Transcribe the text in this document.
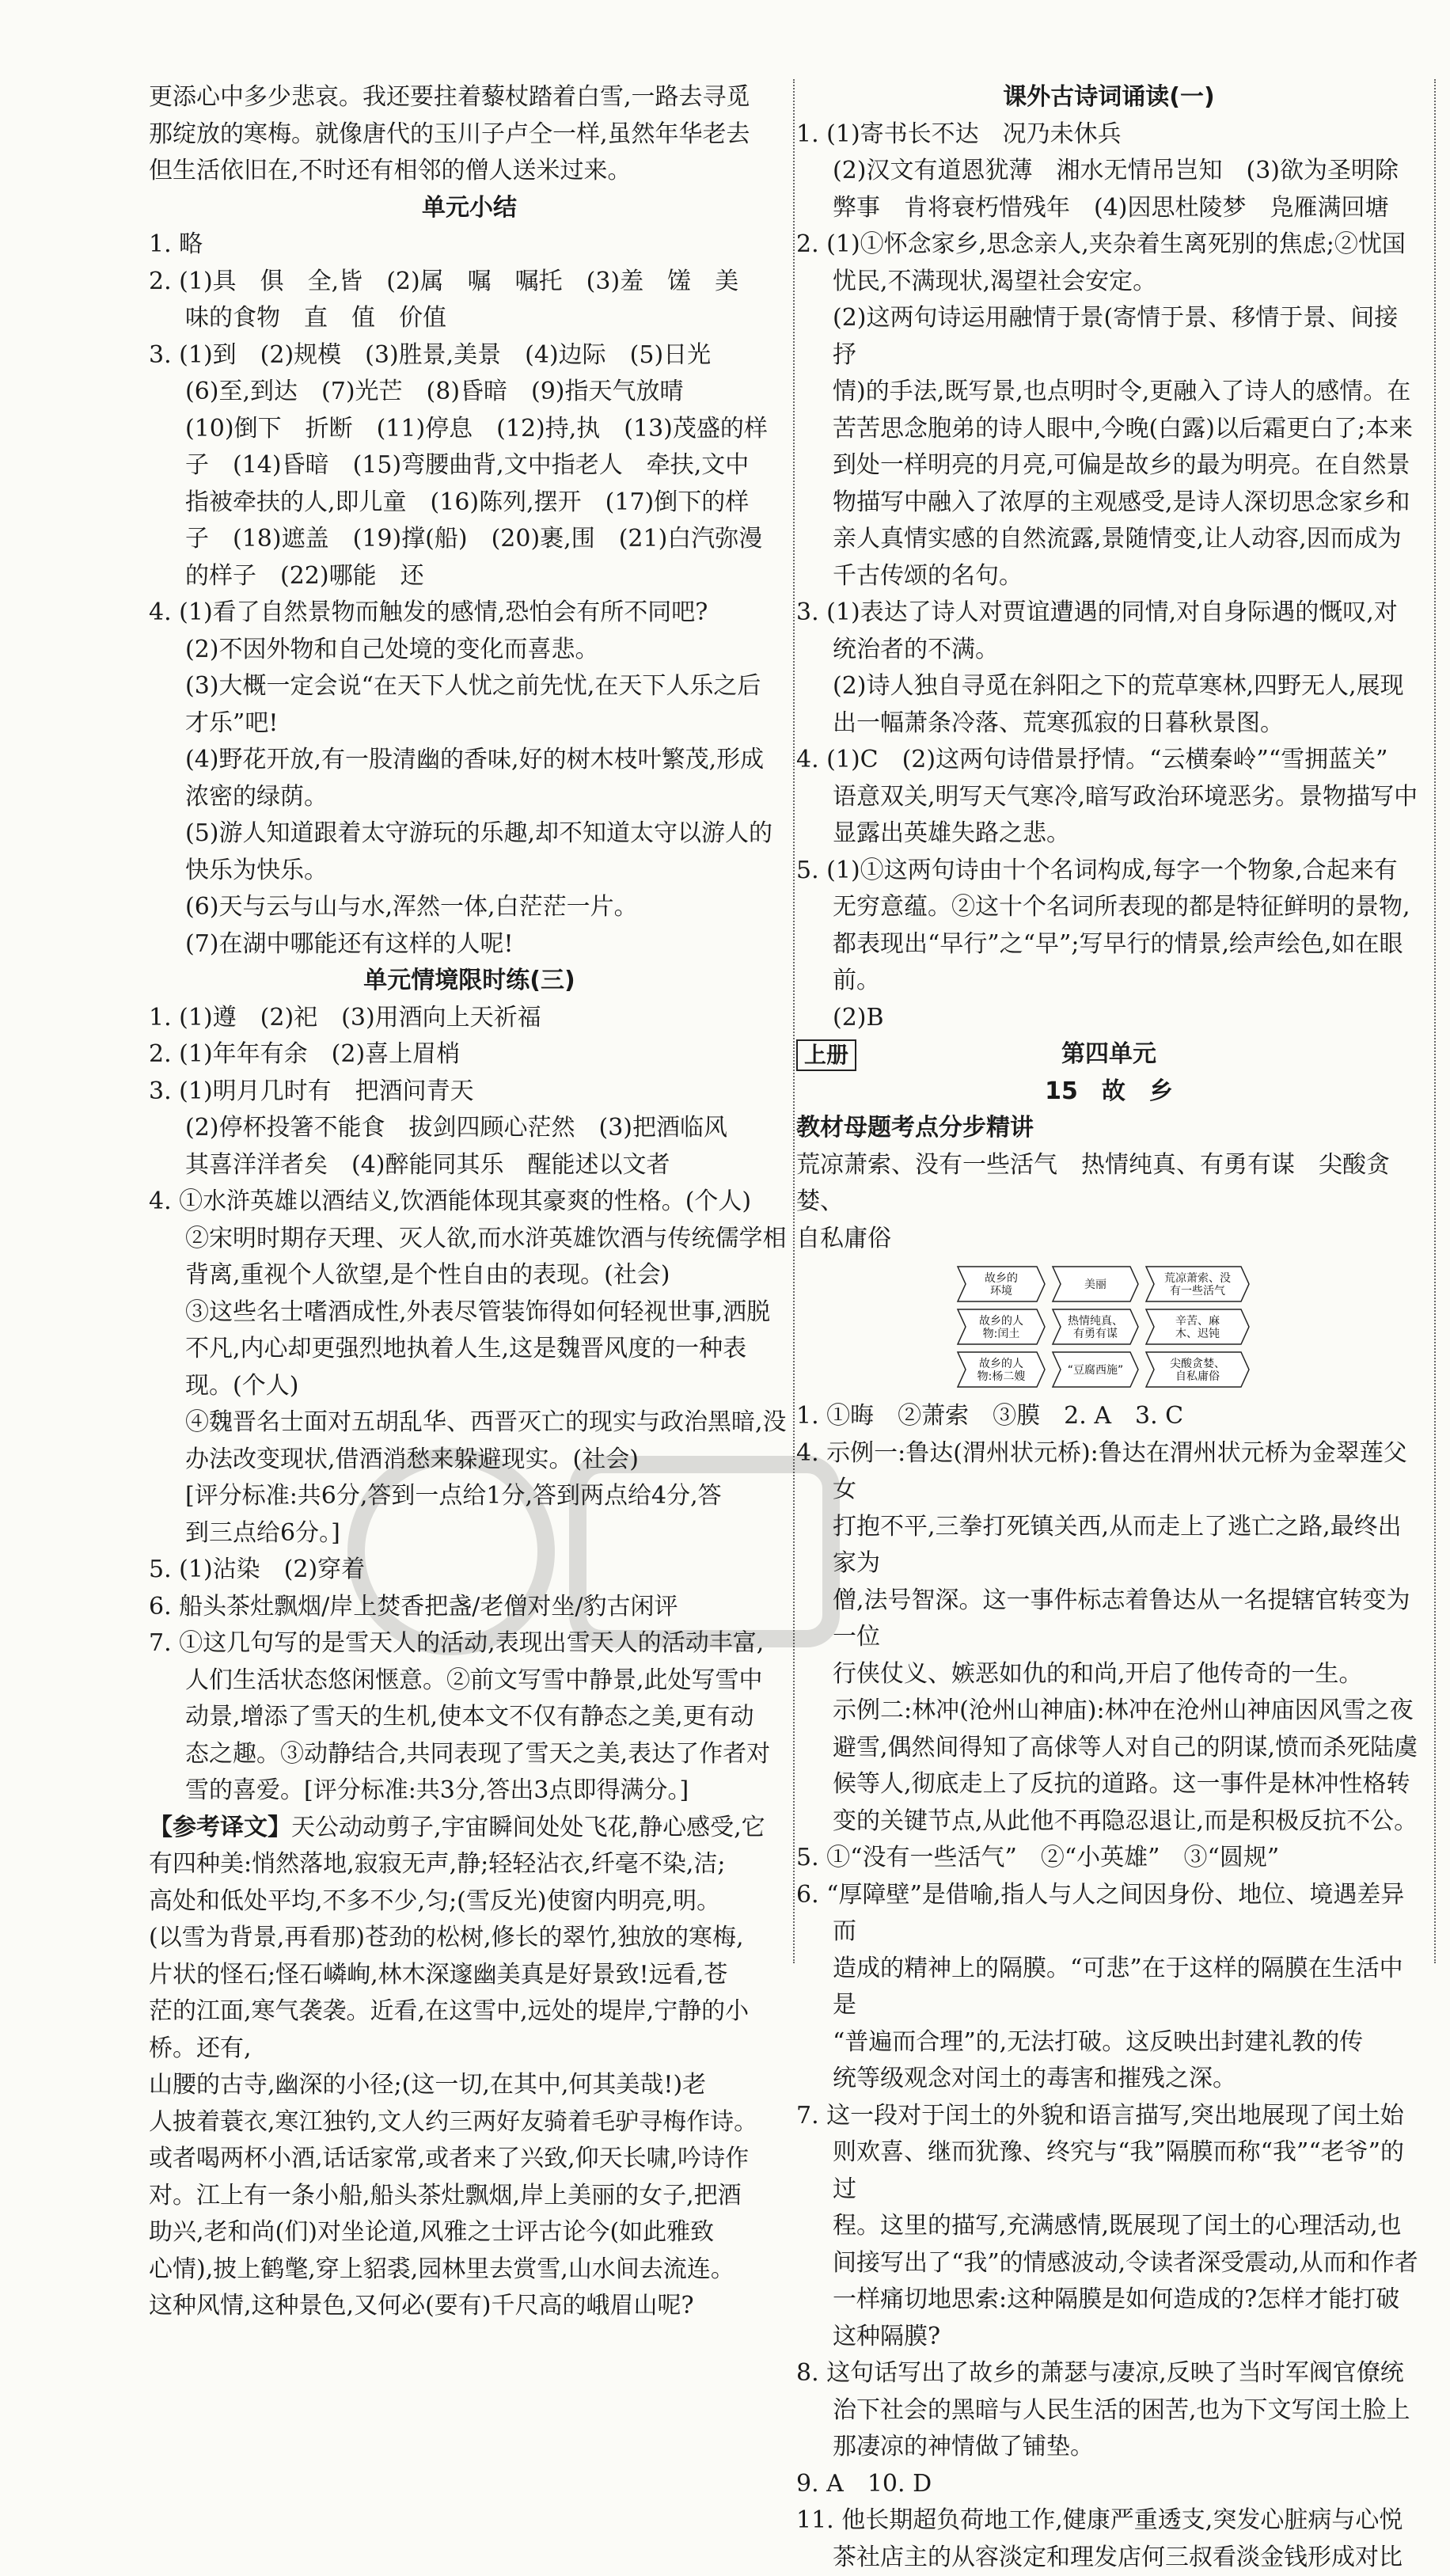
更添心中多少悲哀。我还要拄着藜杖踏着白雪,一路去寻觅
那绽放的寒梅。就像唐代的玉川子卢仝一样,虽然年华老去
但生活依旧在,不时还有相邻的僧人送米过来。
单元小结
1. 略
2. (1)具　俱　全,皆　(2)属　嘱　嘱托　(3)羞　馐　美
味的食物　直　值　价值
3. (1)到　(2)规模　(3)胜景,美景　(4)边际　(5)日光
(6)至,到达　(7)光芒　(8)昏暗　(9)指天气放晴
(10)倒下　折断　(11)停息　(12)持,执　(13)茂盛的样
子　(14)昏暗　(15)弯腰曲背,文中指老人　牵扶,文中
指被牵扶的人,即儿童　(16)陈列,摆开　(17)倒下的样
子　(18)遮盖　(19)撑(船)　(20)裹,围　(21)白汽弥漫
的样子　(22)哪能　还
4. (1)看了自然景物而触发的感情,恐怕会有所不同吧?
(2)不因外物和自己处境的变化而喜悲。
(3)大概一定会说“在天下人忧之前先忧,在天下人乐之后
才乐”吧!
(4)野花开放,有一股清幽的香味,好的树木枝叶繁茂,形成
浓密的绿荫。
(5)游人知道跟着太守游玩的乐趣,却不知道太守以游人的
快乐为快乐。
(6)天与云与山与水,浑然一体,白茫茫一片。
(7)在湖中哪能还有这样的人呢!
单元情境限时练(三)
1. (1)遵　(2)祀　(3)用酒向上天祈福
2. (1)年年有余　(2)喜上眉梢
3. (1)明月几时有　把酒问青天
(2)停杯投箸不能食　拔剑四顾心茫然　(3)把酒临风
其喜洋洋者矣　(4)醉能同其乐　醒能述以文者
4. ①水浒英雄以酒结义,饮酒能体现其豪爽的性格。(个人)
②宋明时期存天理、灭人欲,而水浒英雄饮酒与传统儒学相
背离,重视个人欲望,是个性自由的表现。(社会)
③这些名士嗜酒成性,外表尽管装饰得如何轻视世事,洒脱
不凡,内心却更强烈地执着人生,这是魏晋风度的一种表
现。(个人)
④魏晋名士面对五胡乱华、西晋灭亡的现实与政治黑暗,没
办法改变现状,借酒消愁来躲避现实。(社会)
[评分标准:共6分,答到一点给1分,答到两点给4分,答
到三点给6分。]
5. (1)沾染　(2)穿着
6. 船头茶灶飘烟/岸上焚香把盏/老僧对坐/豹古闲评
7. ①这几句写的是雪天人的活动,表现出雪天人的活动丰富,
人们生活状态悠闲惬意。②前文写雪中静景,此处写雪中
动景,增添了雪天的生机,使本文不仅有静态之美,更有动
态之趣。③动静结合,共同表现了雪天之美,表达了作者对
雪的喜爱。[评分标准:共3分,答出3点即得满分。]
【参考译文】天公动动剪子,宇宙瞬间处处飞花,静心感受,它
有四种美:悄然落地,寂寂无声,静;轻轻沾衣,纤毫不染,洁;
高处和低处平均,不多不少,匀;(雪反光)使窗内明亮,明。
(以雪为背景,再看那)苍劲的松树,修长的翠竹,独放的寒梅,
片状的怪石;怪石嶙峋,林木深邃幽美真是好景致!远看,苍
茫的江面,寒气袭袭。近看,在这雪中,远处的堤岸,宁静的小桥。还有,
山腰的古寺,幽深的小径;(这一切,在其中,何其美哉!)老
人披着蓑衣,寒江独钓,文人约三两好友骑着毛驴寻梅作诗。
或者喝两杯小酒,话话家常,或者来了兴致,仰天长啸,吟诗作
对。江上有一条小船,船头茶灶飘烟,岸上美丽的女子,把酒
助兴,老和尚(们)对坐论道,风雅之士评古论今(如此雅致
心情),披上鹤氅,穿上貂裘,园林里去赏雪,山水间去流连。
这种风情,这种景色,又何必(要有)千尺高的峨眉山呢?
课外古诗词诵读(一)
1. (1)寄书长不达　况乃未休兵
(2)汉文有道恩犹薄　湘水无情吊岂知　(3)欲为圣明除
弊事　肯将衰朽惜残年　(4)因思杜陵梦　凫雁满回塘
2. (1)①怀念家乡,思念亲人,夹杂着生离死别的焦虑;②忧国
忧民,不满现状,渴望社会安定。
(2)这两句诗运用融情于景(寄情于景、移情于景、间接抒
情)的手法,既写景,也点明时令,更融入了诗人的感情。在
苦苦思念胞弟的诗人眼中,今晚(白露)以后霜更白了;本来
到处一样明亮的月亮,可偏是故乡的最为明亮。在自然景
物描写中融入了浓厚的主观感受,是诗人深切思念家乡和
亲人真情实感的自然流露,景随情变,让人动容,因而成为
千古传颂的名句。
3. (1)表达了诗人对贾谊遭遇的同情,对自身际遇的慨叹,对
统治者的不满。
(2)诗人独自寻觅在斜阳之下的荒草寒林,四野无人,展现
出一幅萧条冷落、荒寒孤寂的日暮秋景图。
4. (1)C　(2)这两句诗借景抒情。“云横秦岭”“雪拥蓝关”
语意双关,明写天气寒冷,暗写政治环境恶劣。景物描写中
显露出英雄失路之悲。
5. (1)①这两句诗由十个名词构成,每字一个物象,合起来有
无穷意蕴。②这十个名词所表现的都是特征鲜明的景物,
都表现出“早行”之“早”;写早行的情景,绘声绘色,如在眼
前。
(2)B
上册	第四单元
15　故　乡
教材母题考点分步精讲
荒凉萧索、没有一些活气　热情纯真、有勇有谋　尖酸贪婪、
自私庸俗
故乡的
环境	美丽	荒凉萧索、没
有一些活气
故乡的人
物:闰土
热情纯真、
有勇有谋
辛苦、麻
木、迟钝
故乡的人
物:杨二嫂	“豆腐西施”	尖酸贪婪、
自私庸俗
1. ①晦　②萧索　③膜　2. A　3. C
4. 示例一:鲁达(渭州状元桥):鲁达在渭州状元桥为金翠莲父女
打抱不平,三拳打死镇关西,从而走上了逃亡之路,最终出家为
僧,法号智深。这一事件标志着鲁达从一名提辖官转变为一位
行侠仗义、嫉恶如仇的和尚,开启了他传奇的一生。
示例二:林冲(沧州山神庙):林冲在沧州山神庙因风雪之夜
避雪,偶然间得知了高俅等人对自己的阴谋,愤而杀死陆虞
候等人,彻底走上了反抗的道路。这一事件是林冲性格转
变的关键节点,从此他不再隐忍退让,而是积极反抗不公。
5. ①“没有一些活气”　②“小英雄”　③“圆规”
6. “厚障壁”是借喻,指人与人之间因身份、地位、境遇差异而
造成的精神上的隔膜。“可悲”在于这样的隔膜在生活中是
“普遍而合理”的,无法打破。这反映出封建礼教的传
统等级观念对闰土的毒害和摧残之深。
7. 这一段对于闰土的外貌和语言描写,突出地展现了闰土始
则欢喜、继而犹豫、终究与“我”隔膜而称“我”“老爷”的过
程。这里的描写,充满感情,既展现了闰土的心理活动,也
间接写出了“我”的情感波动,令读者深受震动,从而和作者
一样痛切地思索:这种隔膜是如何造成的?怎样才能打破
这种隔膜?
8. 这句话写出了故乡的萧瑟与凄凉,反映了当时军阀官僚统
治下社会的黑暗与人民生活的困苦,也为下文写闰土脸上
那凄凉的神情做了铺垫。
9. A　10. D
11. 他长期超负荷地工作,健康严重透支,突发心脏病与心悦
茶社店主的从容淡定和理发店何三叔看淡金钱形成对比
